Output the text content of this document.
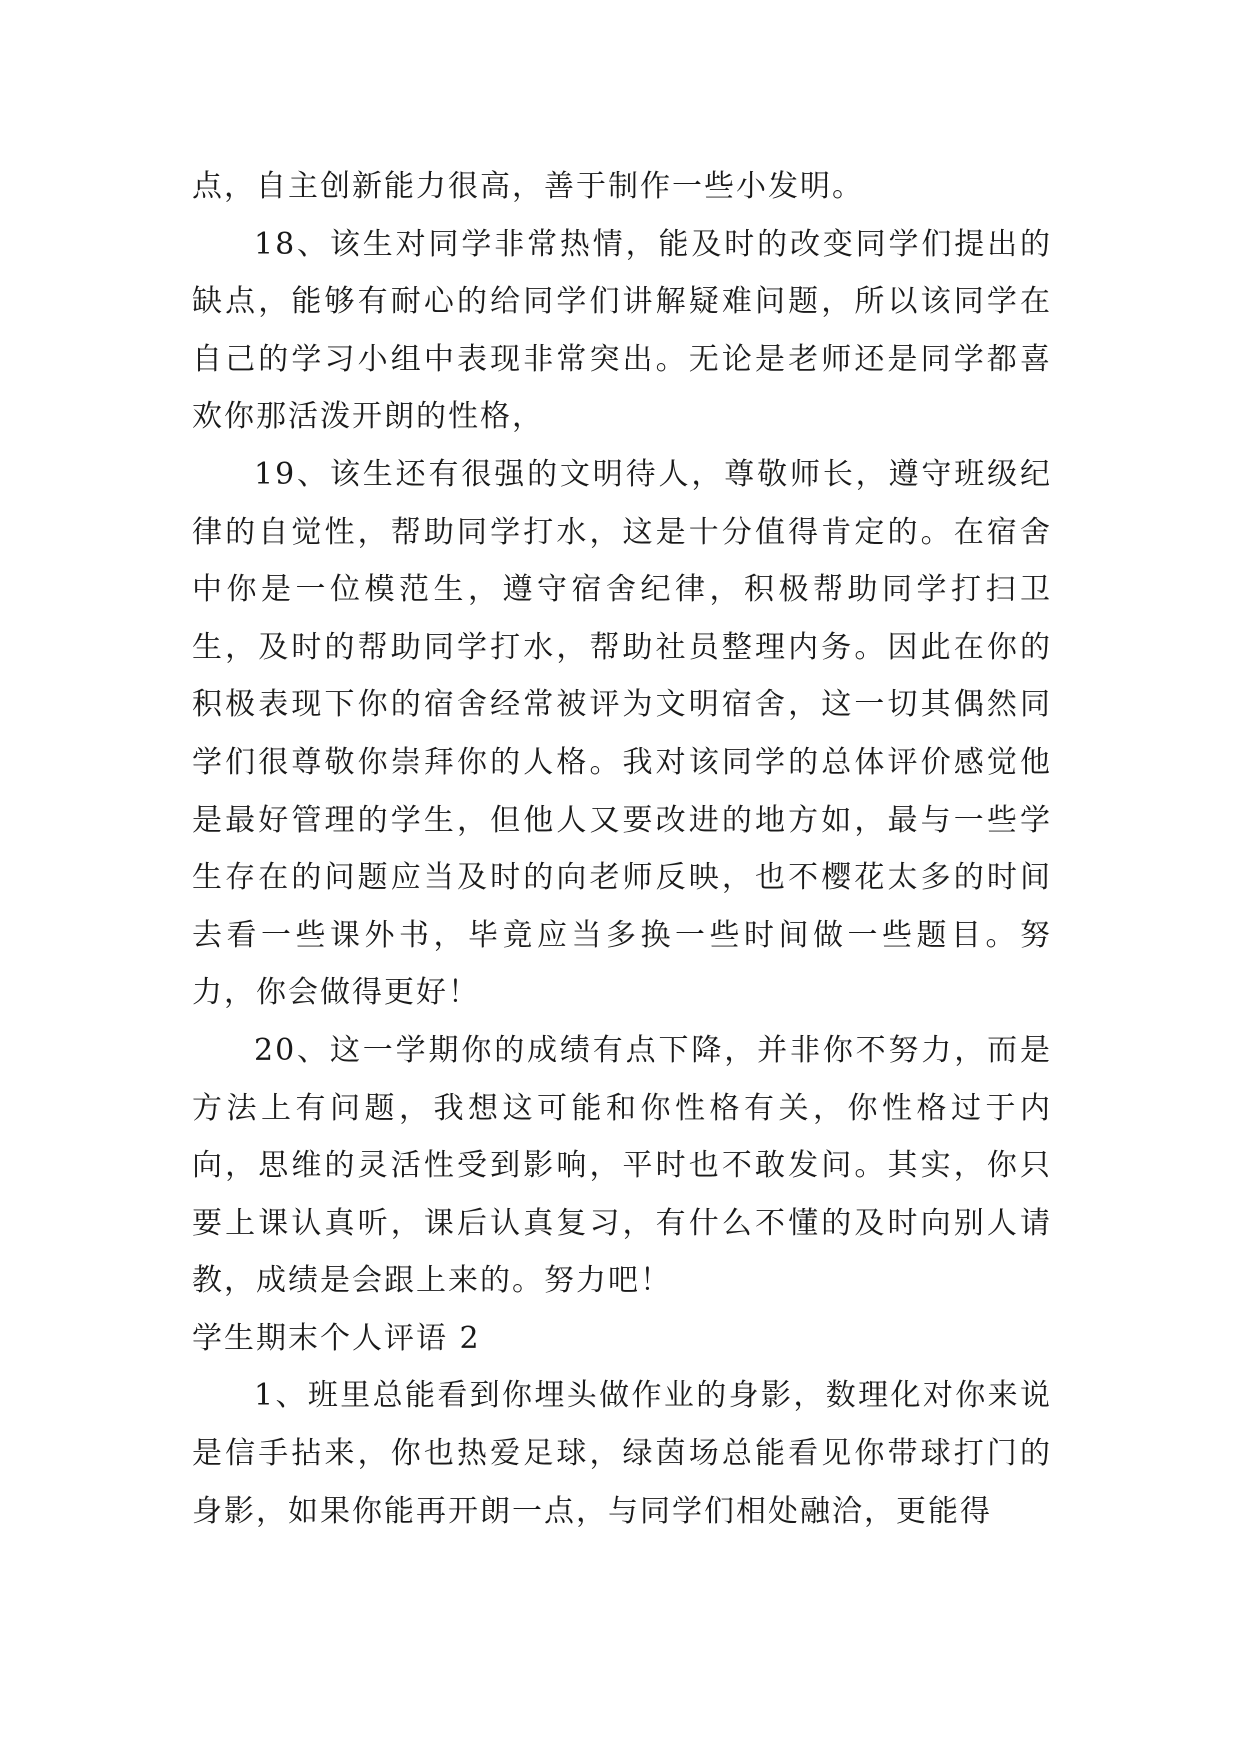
点，自主创新能力很高，善于制作一些小发明。

18、该生对同学非常热情，能及时的改变同学们提出的缺点，能够有耐心的给同学们讲解疑难问题，所以该同学在自己的学习小组中表现非常突出。无论是老师还是同学都喜欢你那活泼开朗的性格，

19、该生还有很强的文明待人，尊敬师长，遵守班级纪律的自觉性，帮助同学打水，这是十分值得肯定的。在宿舍中你是一位模范生，遵守宿舍纪律，积极帮助同学打扫卫生，及时的帮助同学打水，帮助社员整理内务。因此在你的积极表现下你的宿舍经常被评为文明宿舍，这一切其偶然同学们很尊敬你崇拜你的人格。我对该同学的总体评价感觉他是最好管理的学生，但他人又要改进的地方如，最与一些学生存在的问题应当及时的向老师反映，也不樱花太多的时间去看一些课外书，毕竟应当多换一些时间做一些题目。努力，你会做得更好！

20、这一学期你的成绩有点下降，并非你不努力，而是方法上有问题，我想这可能和你性格有关，你性格过于内向，思维的灵活性受到影响，平时也不敢发问。其实，你只要上课认真听，课后认真复习，有什么不懂的及时向别人请教，成绩是会跟上来的。努力吧！

学生期末个人评语 2

1、班里总能看到你埋头做作业的身影，数理化对你来说是信手拈来，你也热爱足球，绿茵场总能看见你带球打门的身影，如果你能再开朗一点，与同学们相处融洽，更能得
